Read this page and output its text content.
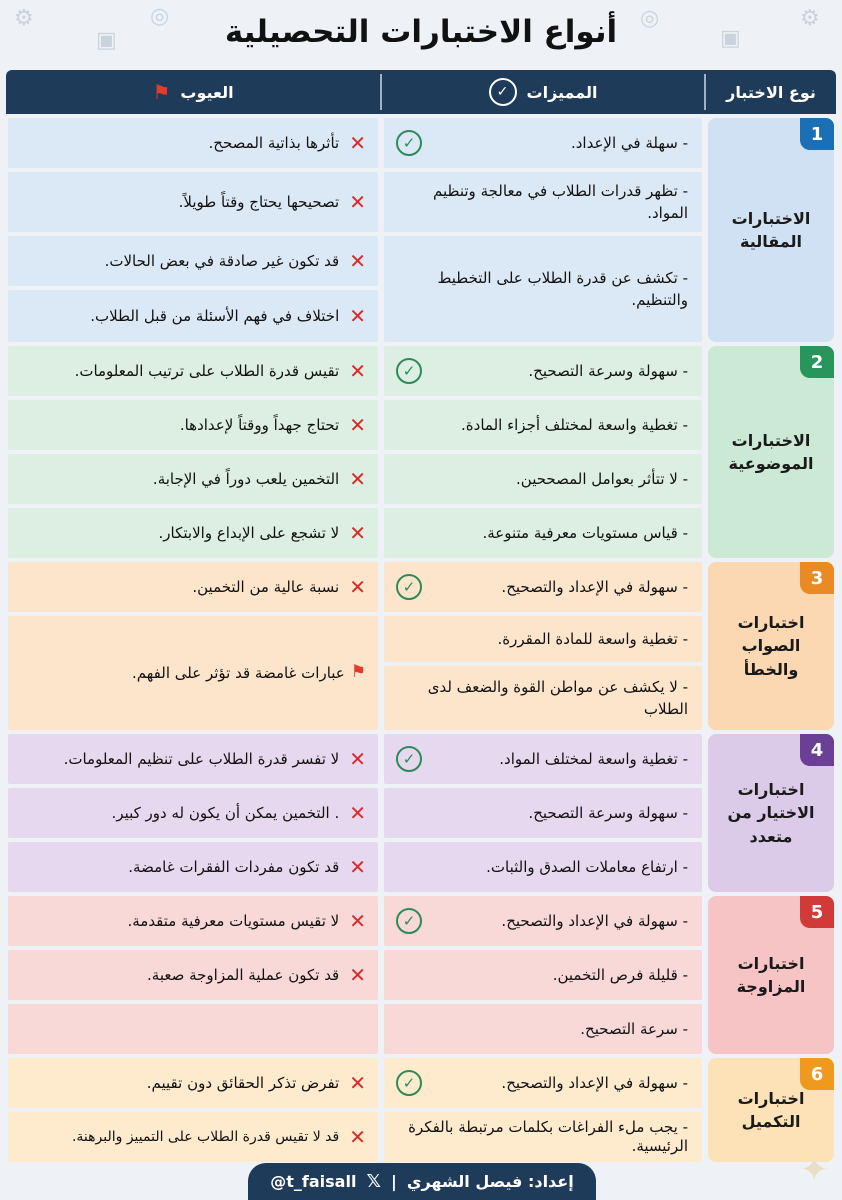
⚙
▣
◎	◎
▣
⚙
أنواع الاختبارات التحصيلية
نوع الاختبار
المميزات
✓
العيوب
⚑
الاختبارات المقالية
1
- سهلة في الإعداد.
- تظهر قدرات الطلاب في معالجة وتنظيم المواد.
- تكشف عن قدرة الطلاب على التخطيط والتنظيم.
✓
✕
تأثرها بذاتية المصحح.
✕
تصحيحها يحتاج وقتاً طويلاً.
✕
قد تكون غير صادقة في بعض الحالات.
✕
اختلاف في فهم الأسئلة من قبل الطلاب.
الاختبارات الموضوعية
2
- سهولة وسرعة التصحيح.
- تغطية واسعة لمختلف أجزاء المادة.
- لا تتأثر بعوامل المصححين.
- قياس مستويات معرفية متنوعة.
✓
✕
تقيس قدرة الطلاب على ترتيب المعلومات.
✕
تحتاج جهداً ووقتاً لإعدادها.
✕
التخمين يلعب دوراً في الإجابة.
✕
لا تشجع على الإبداع والابتكار.
اختبارات الصواب والخطأ
3
- سهولة في الإعداد والتصحيح.
- تغطية واسعة للمادة المقررة.
- لا يكشف عن مواطن القوة والضعف لدى الطلاب
✓
✕
نسبة عالية من التخمين.
⚑
عبارات غامضة قد تؤثر على الفهم.
اختبارات الاختيار من متعدد
4
- تغطية واسعة لمختلف المواد.
- سهولة وسرعة التصحيح.
- ارتفاع معاملات الصدق والثبات.
✓
✕
لا تفسر قدرة الطلاب على تنظيم المعلومات.
✕
. التخمين يمكن أن يكون له دور كبير.
✕
قد تكون مفردات الفقرات غامضة.
اختبارات المزاوجة
5
- سهولة في الإعداد والتصحيح.
- قليلة فرص التخمين.
- سرعة التصحيح.
✓
✕
لا تقيس مستويات معرفية متقدمة.
✕
قد تكون عملية المزاوجة صعبة.
اختبارات التكميل
6
- سهولة في الإعداد والتصحيح.
- يجب ملء الفراغات بكلمات مرتبطة بالفكرة الرئيسية.
✓
✕
تفرض تذكر الحقائق دون تقييم.
✕
قد لا تقيس قدرة الطلاب على التمييز والبرهنة.
✦
@t_faisall 𝕏 | إعداد: فيصل الشهري
